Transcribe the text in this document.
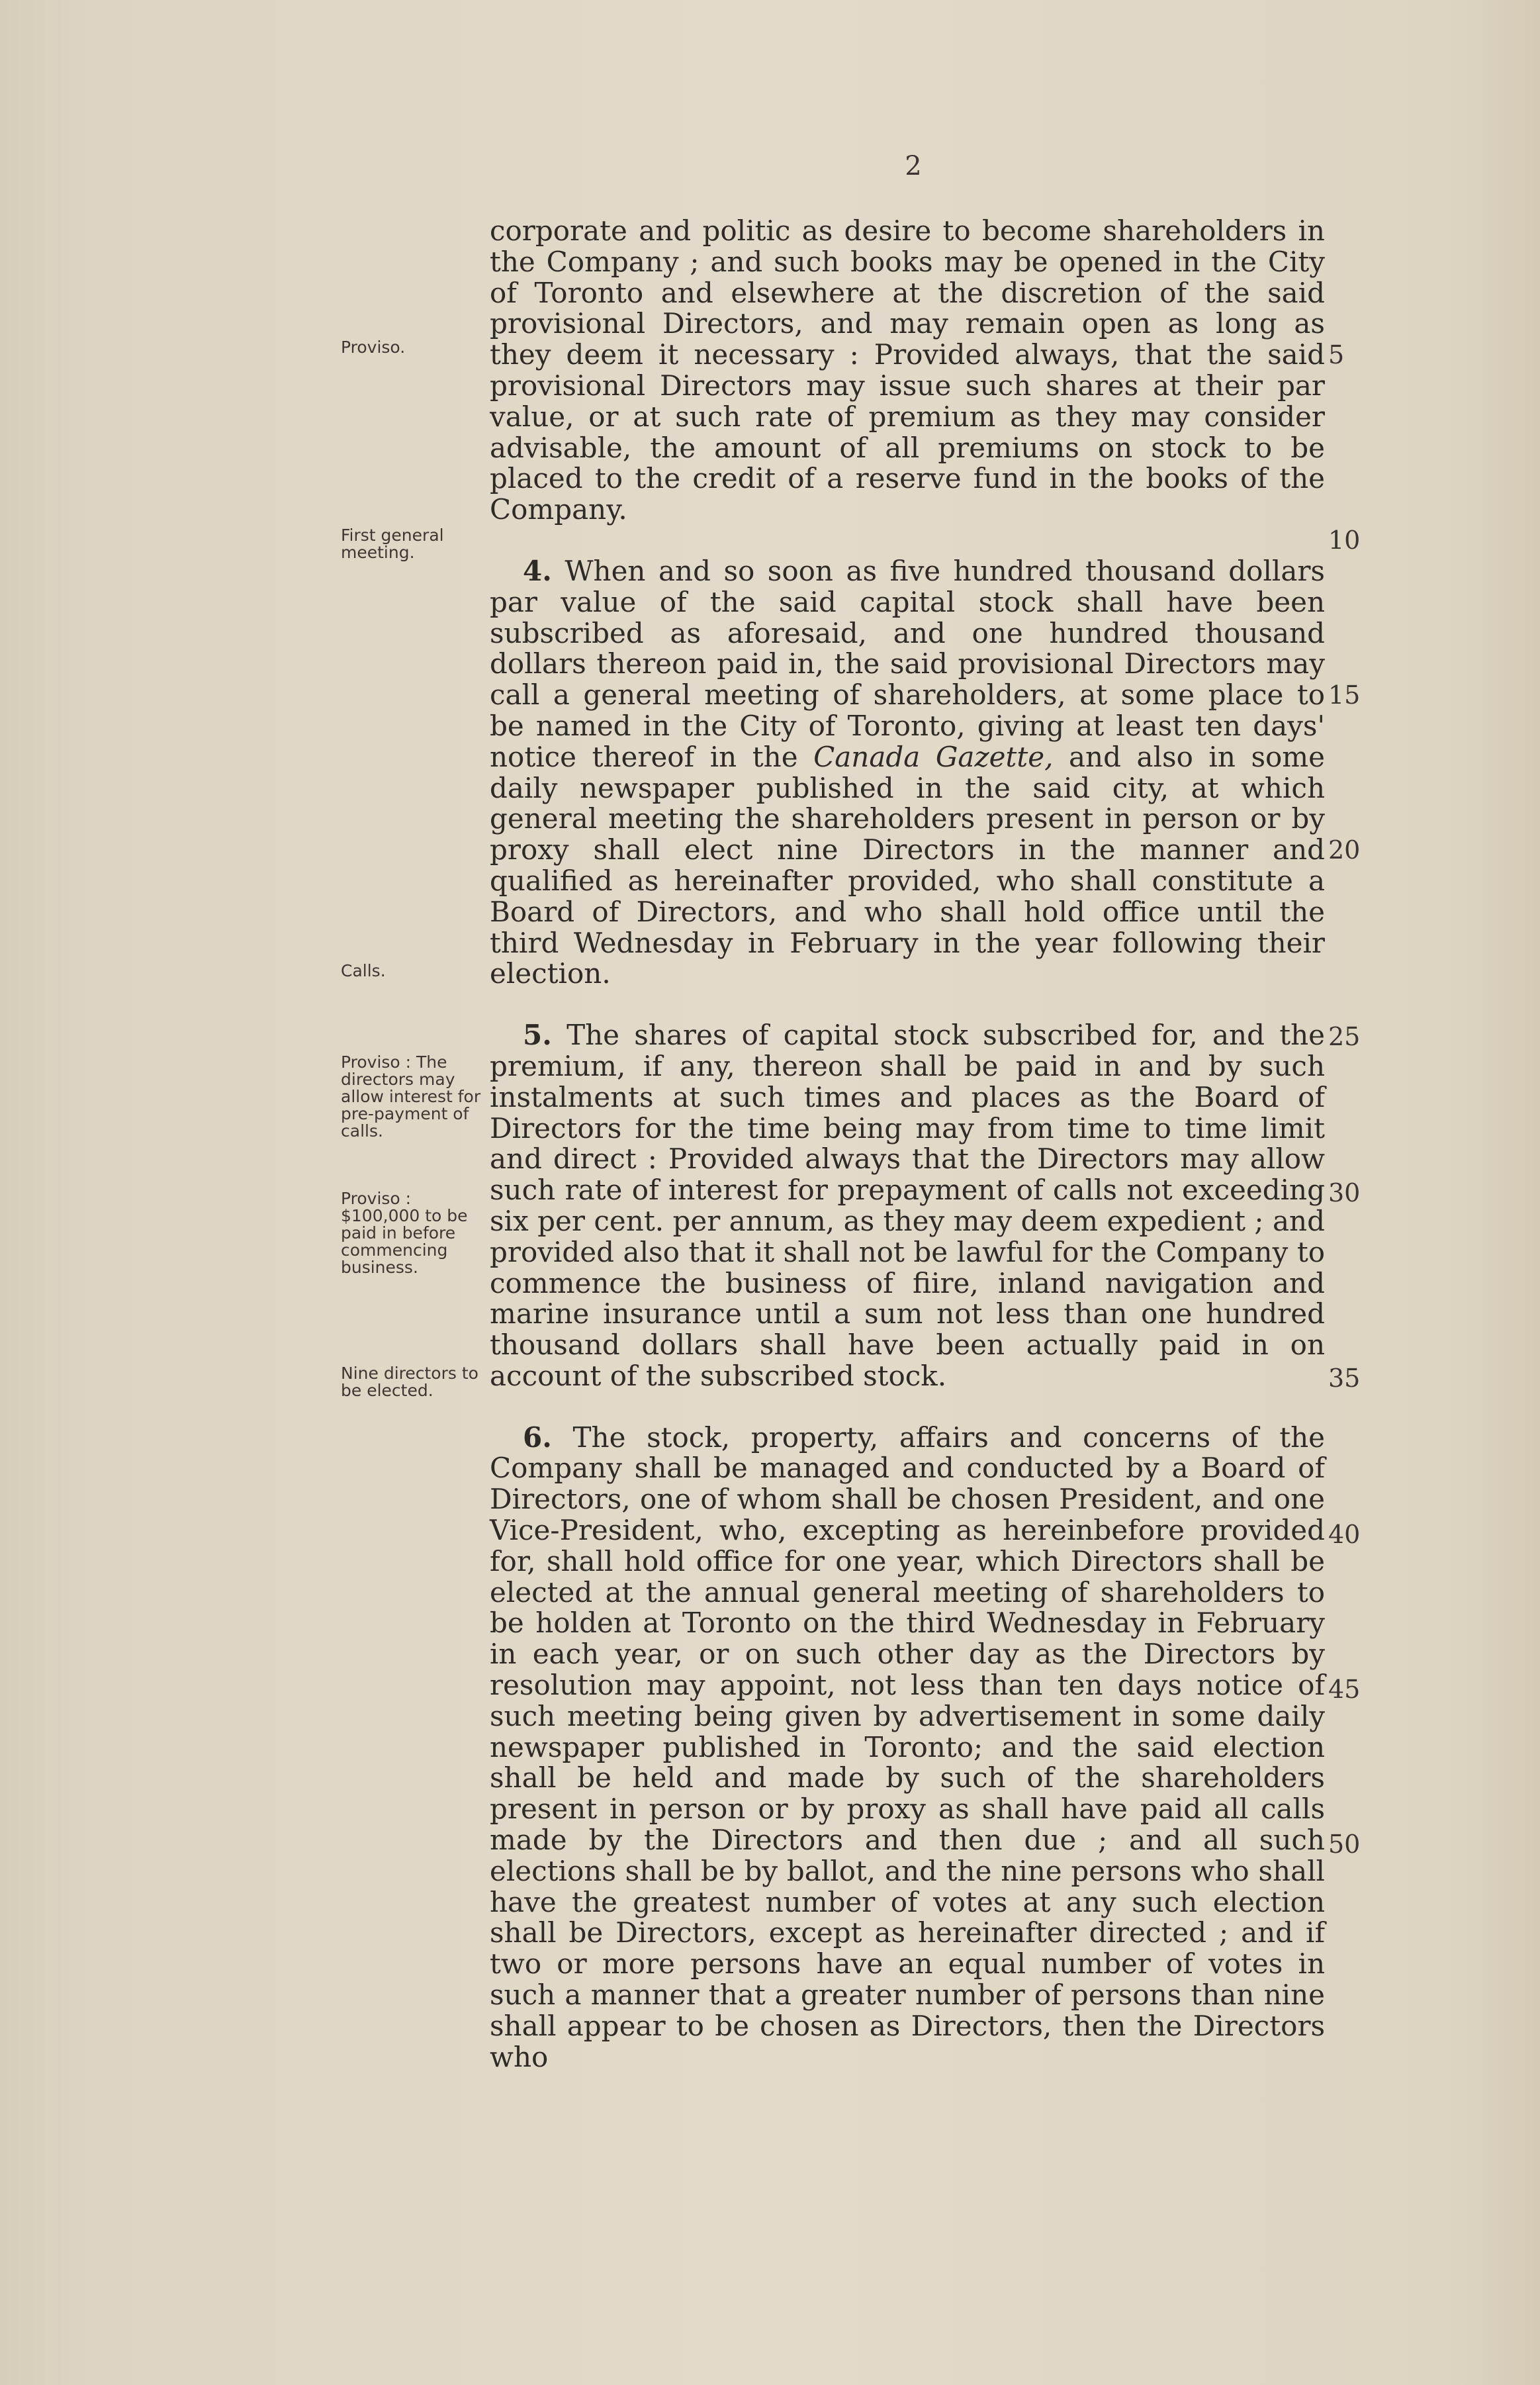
2
Proviso.
First general meeting.
Calls.
Proviso : The directors may allow interest for pre-payment of calls.
Proviso : $100,000 to be paid in before commencing business.
Nine directors to be elected.

corporate and politic as desire to become shareholders in the Company ; and such books may be opened in the City of Toronto and elsewhere at the discretion of the said provisional Directors, and may remain open as long as they deem it necessary : Provided always, that the said provisional Directors may issue such shares at their par value, or at such rate of premium as they may consider advisable, the amount of all premiums on stock to be placed to the credit of a reserve fund in the books of the Company.

4. When and so soon as five hundred thousand dollars par value of the said capital stock shall have been subscribed as aforesaid, and one hundred thousand dollars thereon paid in, the said provisional Directors may call a general meeting of shareholders, at some place to be named in the City of Toronto, giving at least ten days' notice thereof in the Canada Gazette, and also in some daily newspaper published in the said city, at which general meeting the shareholders present in person or by proxy shall elect nine Directors in the manner and qualified as hereinafter provided, who shall constitute a Board of Directors, and who shall hold office until the third Wednesday in February in the year following their election.

5. The shares of capital stock subscribed for, and the premium, if any, thereon shall be paid in and by such instalments at such times and places as the Board of Directors for the time being may from time to time limit and direct : Provided always that the Directors may allow such rate of interest for prepayment of calls not exceeding six per cent. per annum, as they may deem expedient ; and provided also that it shall not be lawful for the Company to commence the business of fiire, inland navigation and marine insurance until a sum not less than one hundred thousand dollars shall have been actually paid in on account of the subscribed stock.

6. The stock, property, affairs and concerns of the Company shall be managed and conducted by a Board of Directors, one of whom shall be chosen President, and one Vice-President, who, excepting as hereinbefore provided for, shall hold office for one year, which Directors shall be elected at the annual general meeting of shareholders to be holden at Toronto on the third Wednesday in February in each year, or on such other day as the Directors by resolution may appoint, not less than ten days notice of such meeting being given by advertisement in some daily newspaper published in Toronto; and the said election shall be held and made by such of the shareholders present in person or by proxy as shall have paid all calls made by the Directors and then due ; and all such elections shall be by ballot, and the nine persons who shall have the greatest number of votes at any such election shall be Directors, except as hereinafter directed ; and if two or more persons have an equal number of votes in such a manner that a greater number of persons than nine shall appear to be chosen as Directors, then the Directors who

5
10
15
20
25
30
35
40
45
50
